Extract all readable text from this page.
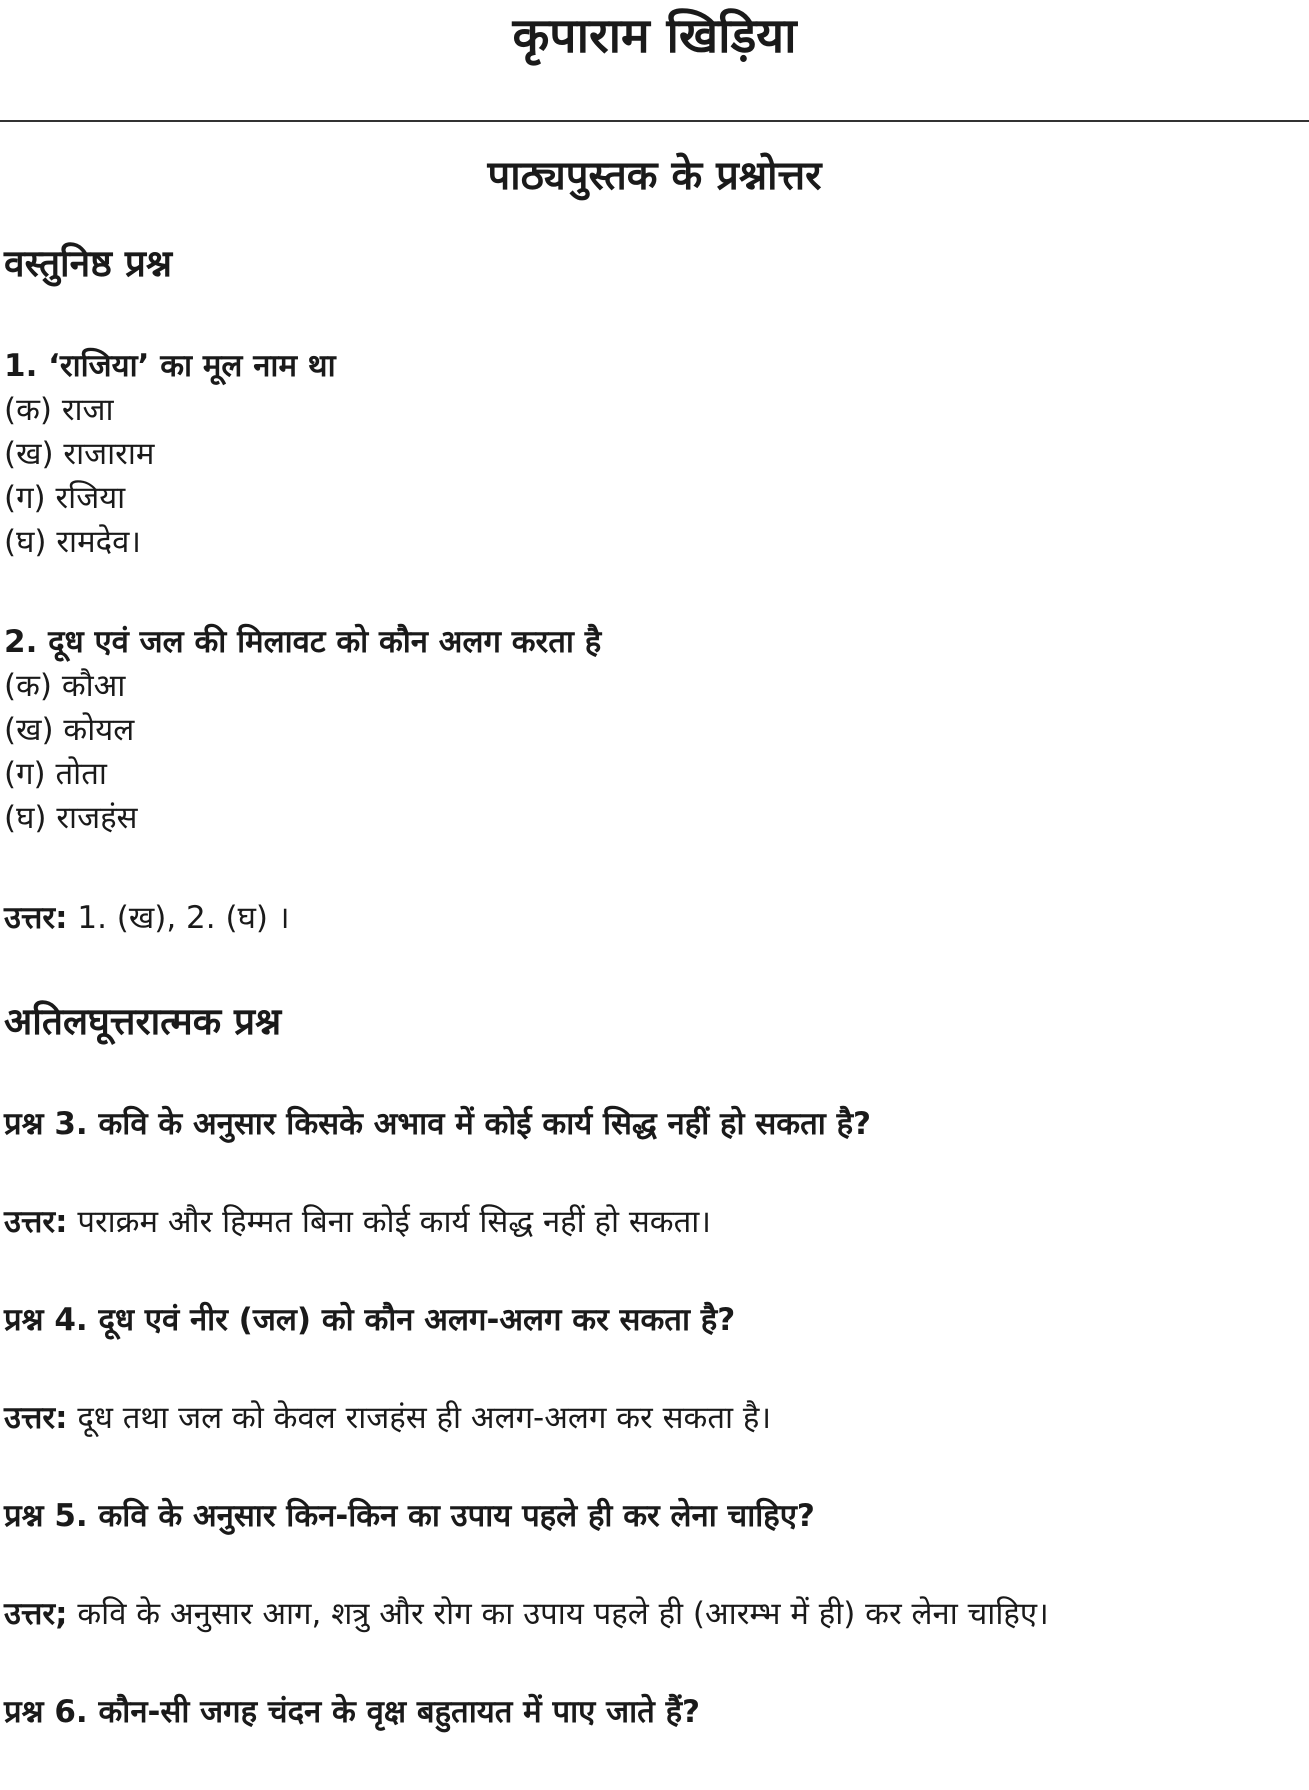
कृपाराम खिड़िया
पाठ्यपुस्तक के प्रश्नोत्तर
वस्तुनिष्ठ प्रश्न
1. ‘राजिया’ का मूल नाम था
(क) राजा
(ख) राजाराम
(ग) रजिया
(घ) रामदेव।
2. दूध एवं जल की मिलावट को कौन अलग करता है
(क) कौआ
(ख) कोयल
(ग) तोता
(घ) राजहंस
उत्तर: 1. (ख), 2. (घ) ।
अतिलघूत्तरात्मक प्रश्न
प्रश्न 3. कवि के अनुसार किसके अभाव में कोई कार्य सिद्ध नहीं हो सकता है?
उत्तर: पराक्रम और हिम्मत बिना कोई कार्य सिद्ध नहीं हो सकता।
प्रश्न 4. दूध एवं नीर (जल) को कौन अलग-अलग कर सकता है?
उत्तर: दूध तथा जल को केवल राजहंस ही अलग-अलग कर सकता है।
प्रश्न 5. कवि के अनुसार किन-किन का उपाय पहले ही कर लेना चाहिए?
उत्तर; कवि के अनुसार आग, शत्रु और रोग का उपाय पहले ही (आरम्भ में ही) कर लेना चाहिए।
प्रश्न 6. कौन-सी जगह चंदन के वृक्ष बहुतायत में पाए जाते हैं?
